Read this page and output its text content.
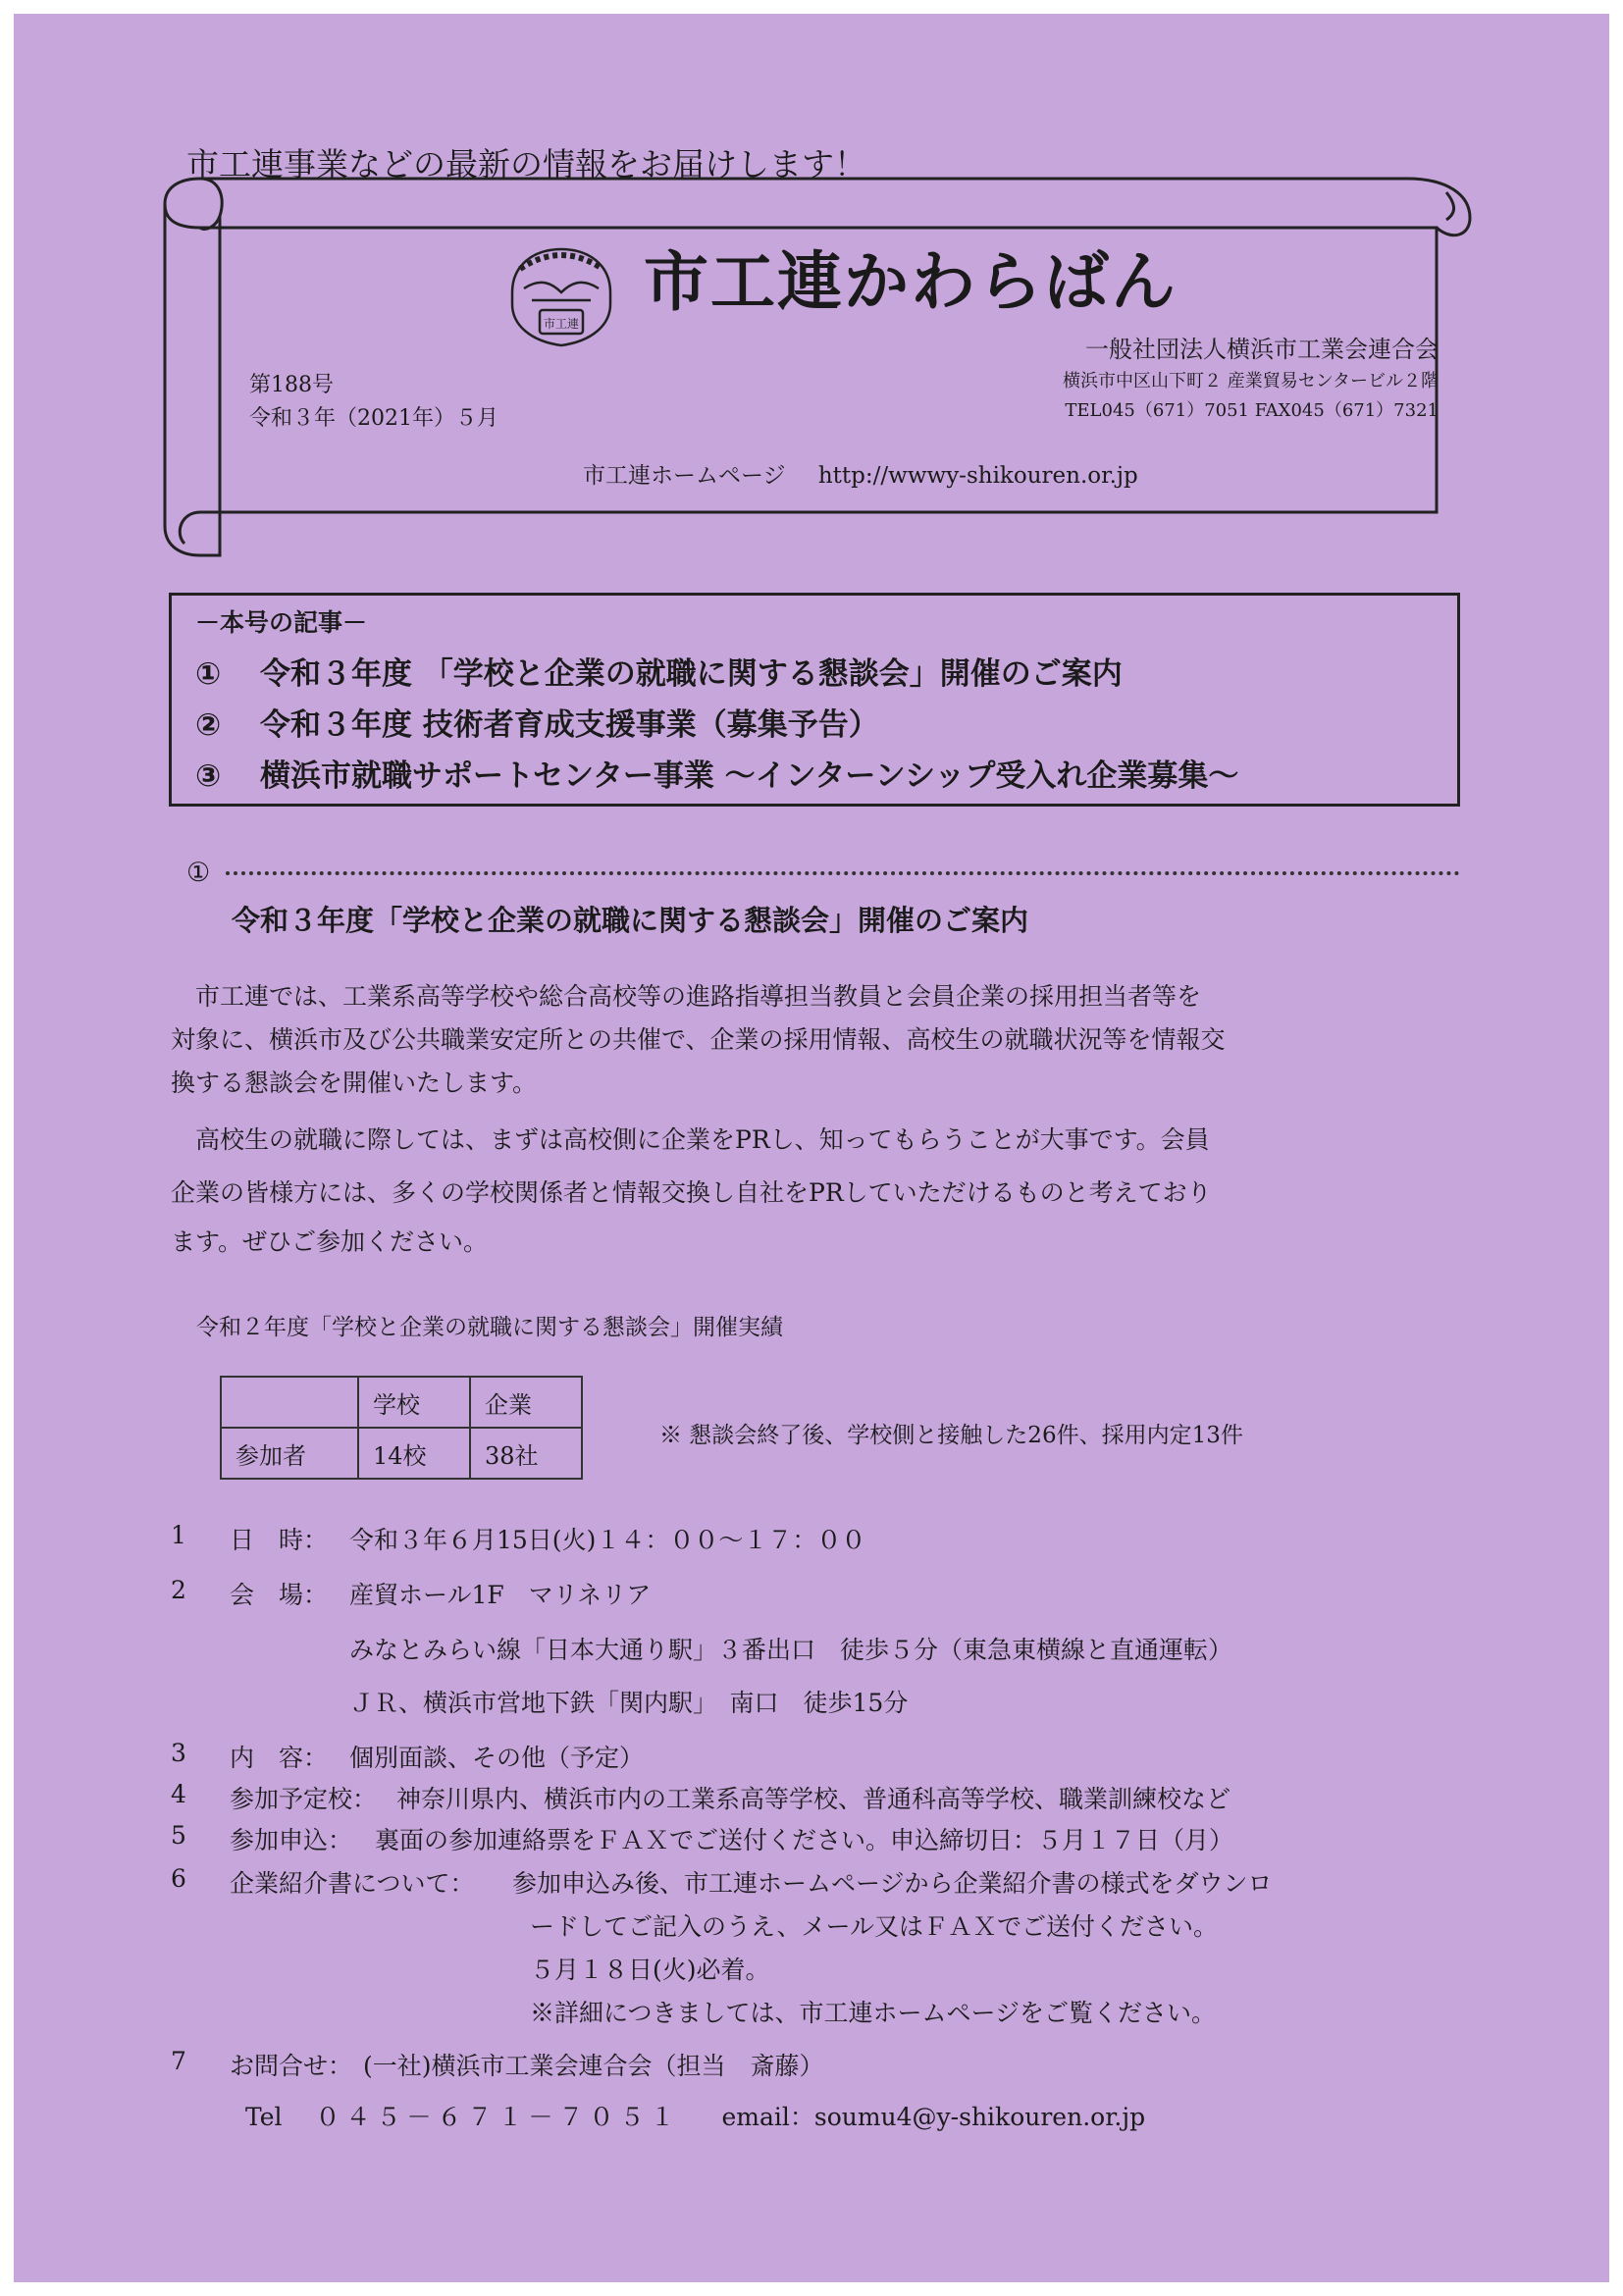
市工連事業などの最新の情報をお届けします！
市工連
市工連かわらばん
第188号
令和３年（2021年）５月
一般社団法人横浜市工業会連合会
横浜市中区山下町２ 産業貿易センタービル２階
TEL045（671）7051 FAX045（671）7321
市工連ホームページ http://wwwy-shikouren.or.jp
－本号の記事－
① 令和３年度 「学校と企業の就職に関する懇談会」開催のご案内
② 令和３年度 技術者育成支援事業（募集予告）
③ 横浜市就職サポートセンター事業 ～インターンシップ受入れ企業募集～
①
令和３年度「学校と企業の就職に関する懇談会」開催のご案内
　市工連では、工業系高等学校や総合高校等の進路指導担当教員と会員企業の採用担当者等を
対象に、横浜市及び公共職業安定所との共催で、企業の採用情報、高校生の就職状況等を情報交
換する懇談会を開催いたします。
　高校生の就職に際しては、まずは高校側に企業をPRし、知ってもらうことが大事です。会員
企業の皆様方には、多くの学校関係者と情報交換し自社をPRしていただけるものと考えており
ます。ぜひご参加ください。
令和２年度「学校と企業の就職に関する懇談会」開催実績
	学校	企業
参加者	14校	38社
※ 懇談会終了後、学校側と接触した26件、採用内定13件
1 日　時： 令和３年６月15日(火)１４：００～１７：００
2 会　場： 産貿ホール1F　マリネリア
みなとみらい線「日本大通り駅」３番出口　徒歩５分（東急東横線と直通運転）
ＪＲ、横浜市営地下鉄「関内駅」　南口　徒歩15分
3 内　容： 個別面談、その他（予定）
4 参加予定校： 神奈川県内、横浜市内の工業系高等学校、普通科高等学校、職業訓練校など
5 参加申込： 裏面の参加連絡票をＦＡＸでご送付ください。申込締切日：５月１７日（月）
6 企業紹介書について： 参加申込み後、市工連ホームページから企業紹介書の様式をダウンロ
ードしてご記入のうえ、メール又はＦＡＸでご送付ください。
５月１８日(火)必着。
※詳細につきましては、市工連ホームページをご覧ください。
7 お問合せ： (一社)横浜市工業会連合会（担当　斎藤）
Tel ０４５－６７１－７０５１ email：soumu4@y-shikouren.or.jp
